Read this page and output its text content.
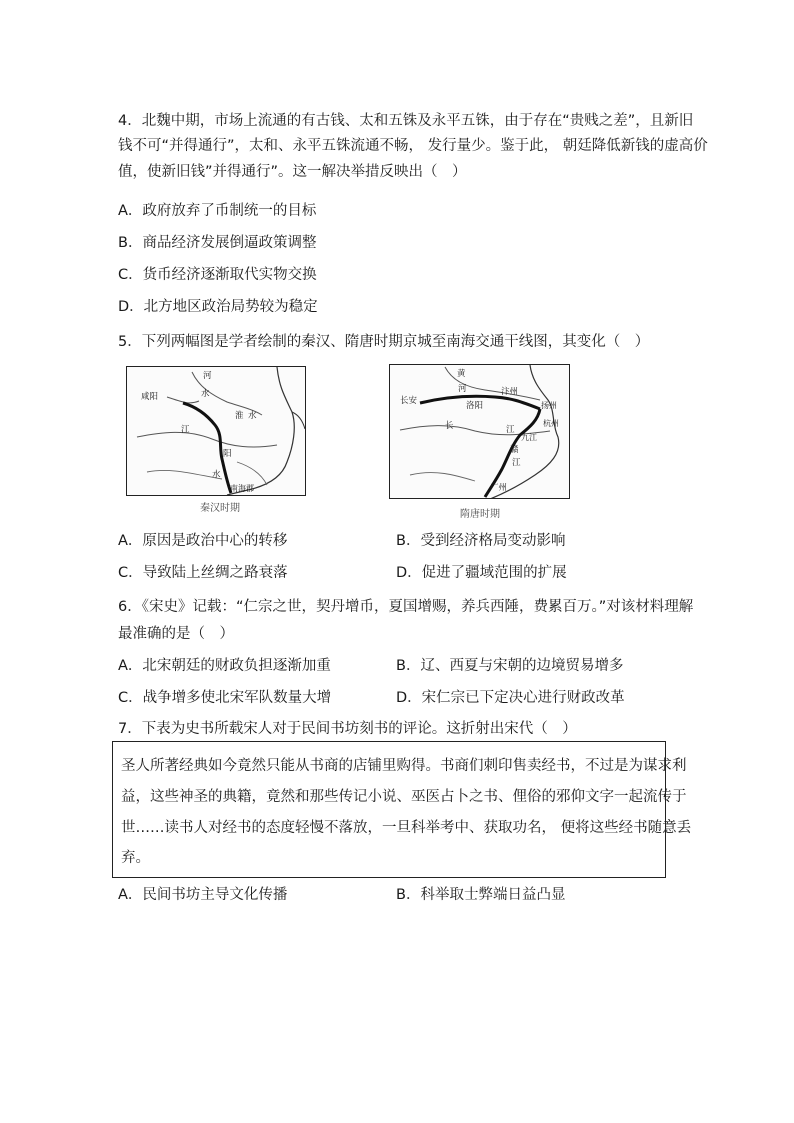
4．北魏中期，市场上流通的有古钱、太和五铢及永平五铢，由于存在“贵贱之差”，且新旧
钱不可“并得通行”，太和、永平五铢流通不畅， 发行量少。鉴于此， 朝廷降低新钱的虚高价
值，使新旧钱”并得通行”。这一解决举措反映出（　）
A．政府放弃了币制统一的目标
B．商品经济发展倒逼政策调整
C．货币经济逐渐取代实物交换
D．北方地区政治局势较为稳定
5．下列两幅图是学者绘制的秦汉、隋唐时期京城至南海交通干线图，其变化（　）
咸阳
河
水
淮 水
江
阳
水
南海郡
秦汉时期
黄
河
长安	洛阳
汴州
扬州
杭州
九江
长	江
赣
江
广州
隋唐时期
A．原因是政治中心的转移	B．受到经济格局变动影响
C．导致陆上丝绸之路衰落	D．促进了疆域范围的扩展
6．《宋史》记载：“仁宗之世，契丹增币，夏国增赐，养兵西陲，费累百万。”对该材料理解
最准确的是（　）
A．北宋朝廷的财政负担逐渐加重	B．辽、西夏与宋朝的边境贸易增多
C．战争增多使北宋军队数量大增	D．宋仁宗已下定决心进行财政改革
7．下表为史书所载宋人对于民间书坊刻书的评论。这折射出宋代（　）
圣人所著经典如今竟然只能从书商的店铺里购得。书商们刺印售卖经书，不过是为谋求利
益，这些神圣的典籍，竟然和那些传记小说、巫医占卜之书、俚俗的邪仰文字一起流传于
世……读书人对经书的态度轻慢不落放，一旦科举考中、获取功名， 便将这些经书随意丢
弃。
A．民间书坊主导文化传播	B．科举取士弊端日益凸显
